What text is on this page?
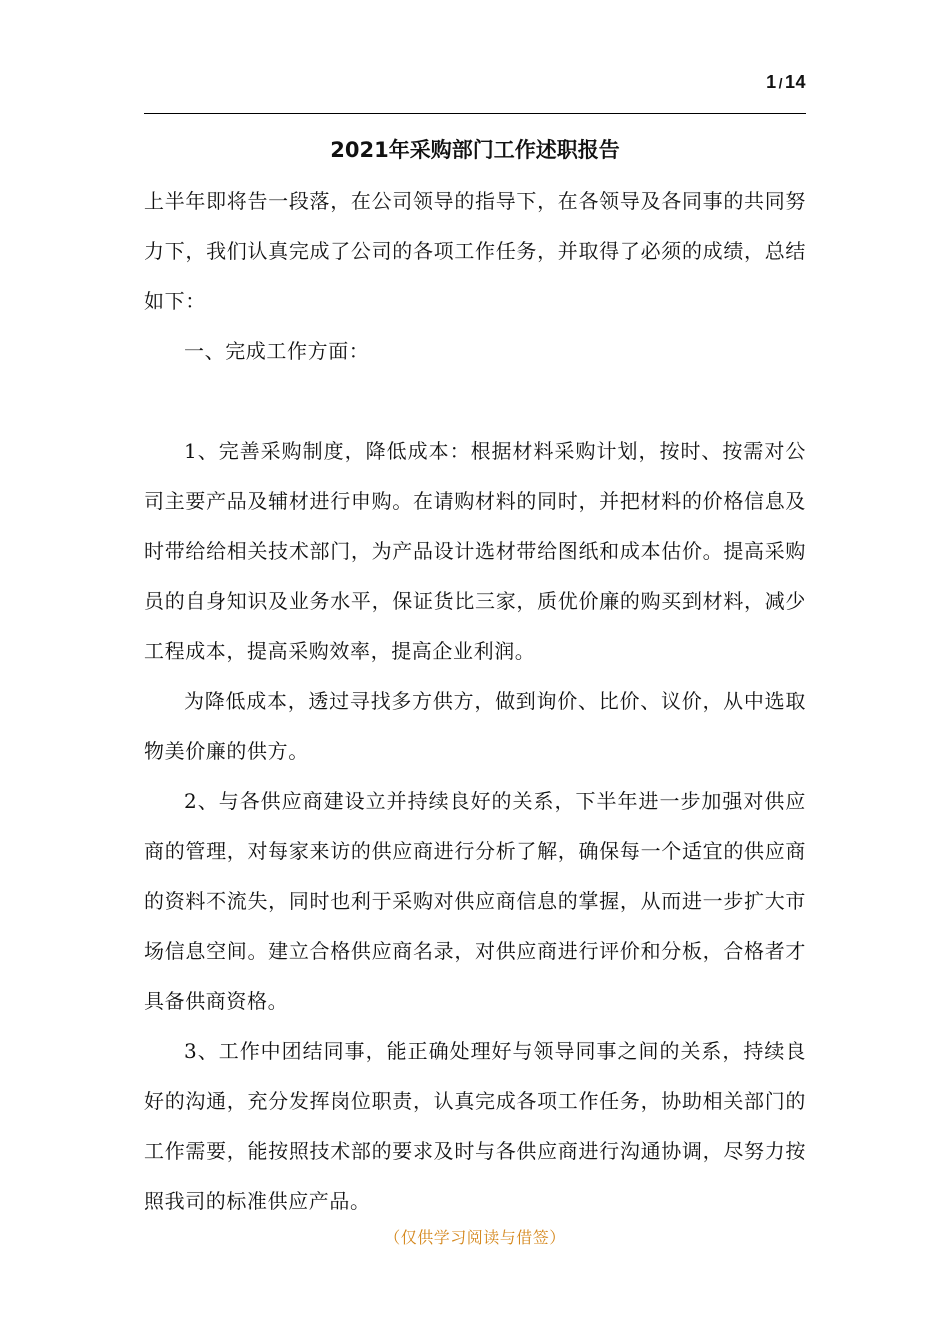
1 / 14
2021年采购部门工作述职报告

上半年即将告一段落，在公司领导的指导下，在各领导及各同事的共同努力下，我们认真完成了公司的各项工作任务，并取得了必须的成绩，总结如下：

一、完成工作方面：

1、完善采购制度，降低成本：根据材料采购计划，按时、按需对公司主要产品及辅材进行申购。在请购材料的同时，并把材料的价格信息及时带给给相关技术部门，为产品设计选材带给图纸和成本估价。提高采购员的自身知识及业务水平，保证货比三家，质优价廉的购买到材料，减少工程成本，提高采购效率，提高企业利润。

为降低成本，透过寻找多方供方，做到询价、比价、议价，从中选取物美价廉的供方。

2、与各供应商建设立并持续良好的关系，下半年进一步加强对供应商的管理，对每家来访的供应商进行分析了解，确保每一个适宜的供应商的资料不流失，同时也利于采购对供应商信息的掌握，从而进一步扩大市场信息空间。建立合格供应商名录，对供应商进行评价和分板，合格者才具备供商资格。

3、工作中团结同事，能正确处理好与领导同事之间的关系，持续良好的沟通，充分发挥岗位职责，认真完成各项工作任务，协助相关部门的工作需要，能按照技术部的要求及时与各供应商进行沟通协调，尽努力按照我司的标准供应产品。

（仅供学习阅读与借签）
